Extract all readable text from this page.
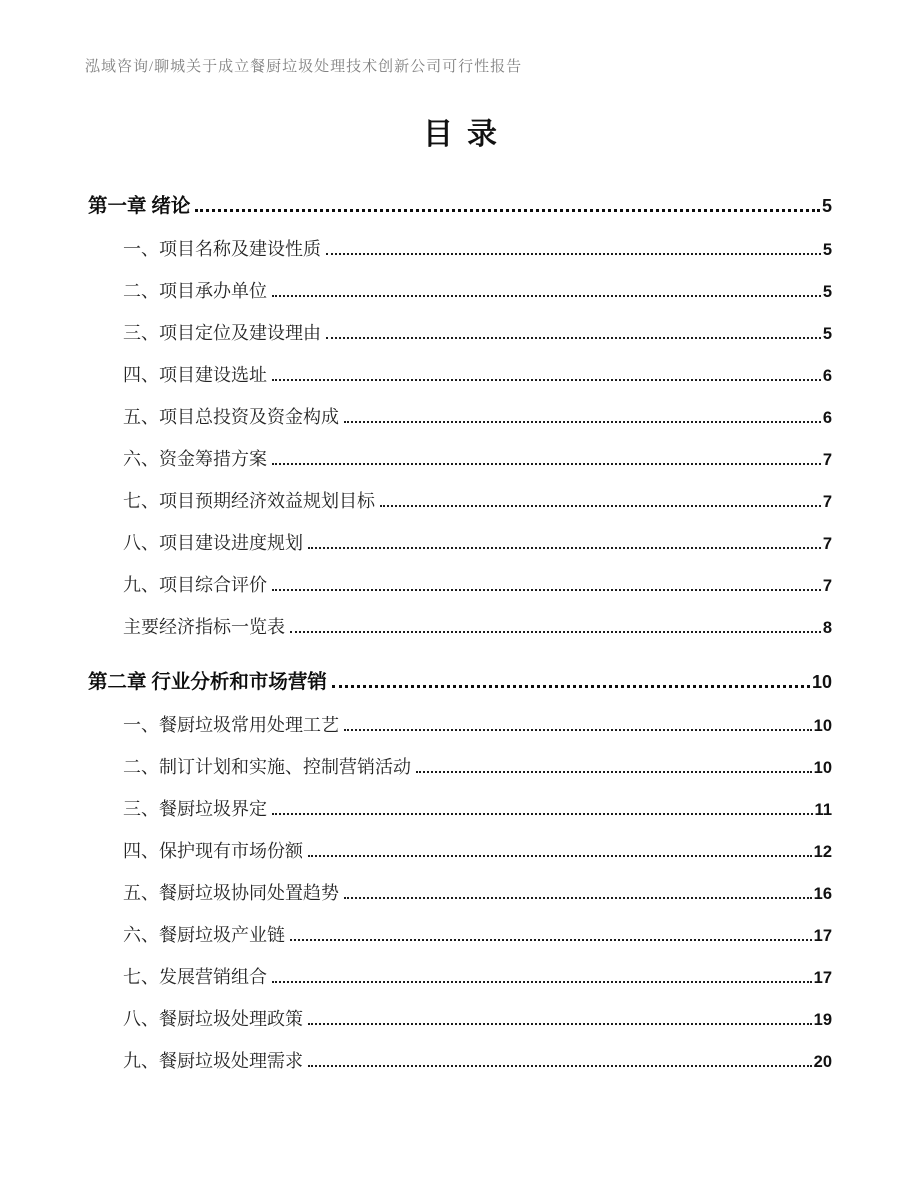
泓域咨询/聊城关于成立餐厨垃圾处理技术创新公司可行性报告
目录
第一章 绪论	5
一、项目名称及建设性质	5
二、项目承办单位	5
三、项目定位及建设理由	5
四、项目建设选址	6
五、项目总投资及资金构成	6
六、资金筹措方案	7
七、项目预期经济效益规划目标	7
八、项目建设进度规划	7
九、项目综合评价	7
主要经济指标一览表	8
第二章 行业分析和市场营销	10
一、餐厨垃圾常用处理工艺	10
二、制订计划和实施、控制营销活动	10
三、餐厨垃圾界定	11
四、保护现有市场份额	12
五、餐厨垃圾协同处置趋势	16
六、餐厨垃圾产业链	17
七、发展营销组合	17
八、餐厨垃圾处理政策	19
九、餐厨垃圾处理需求	20
